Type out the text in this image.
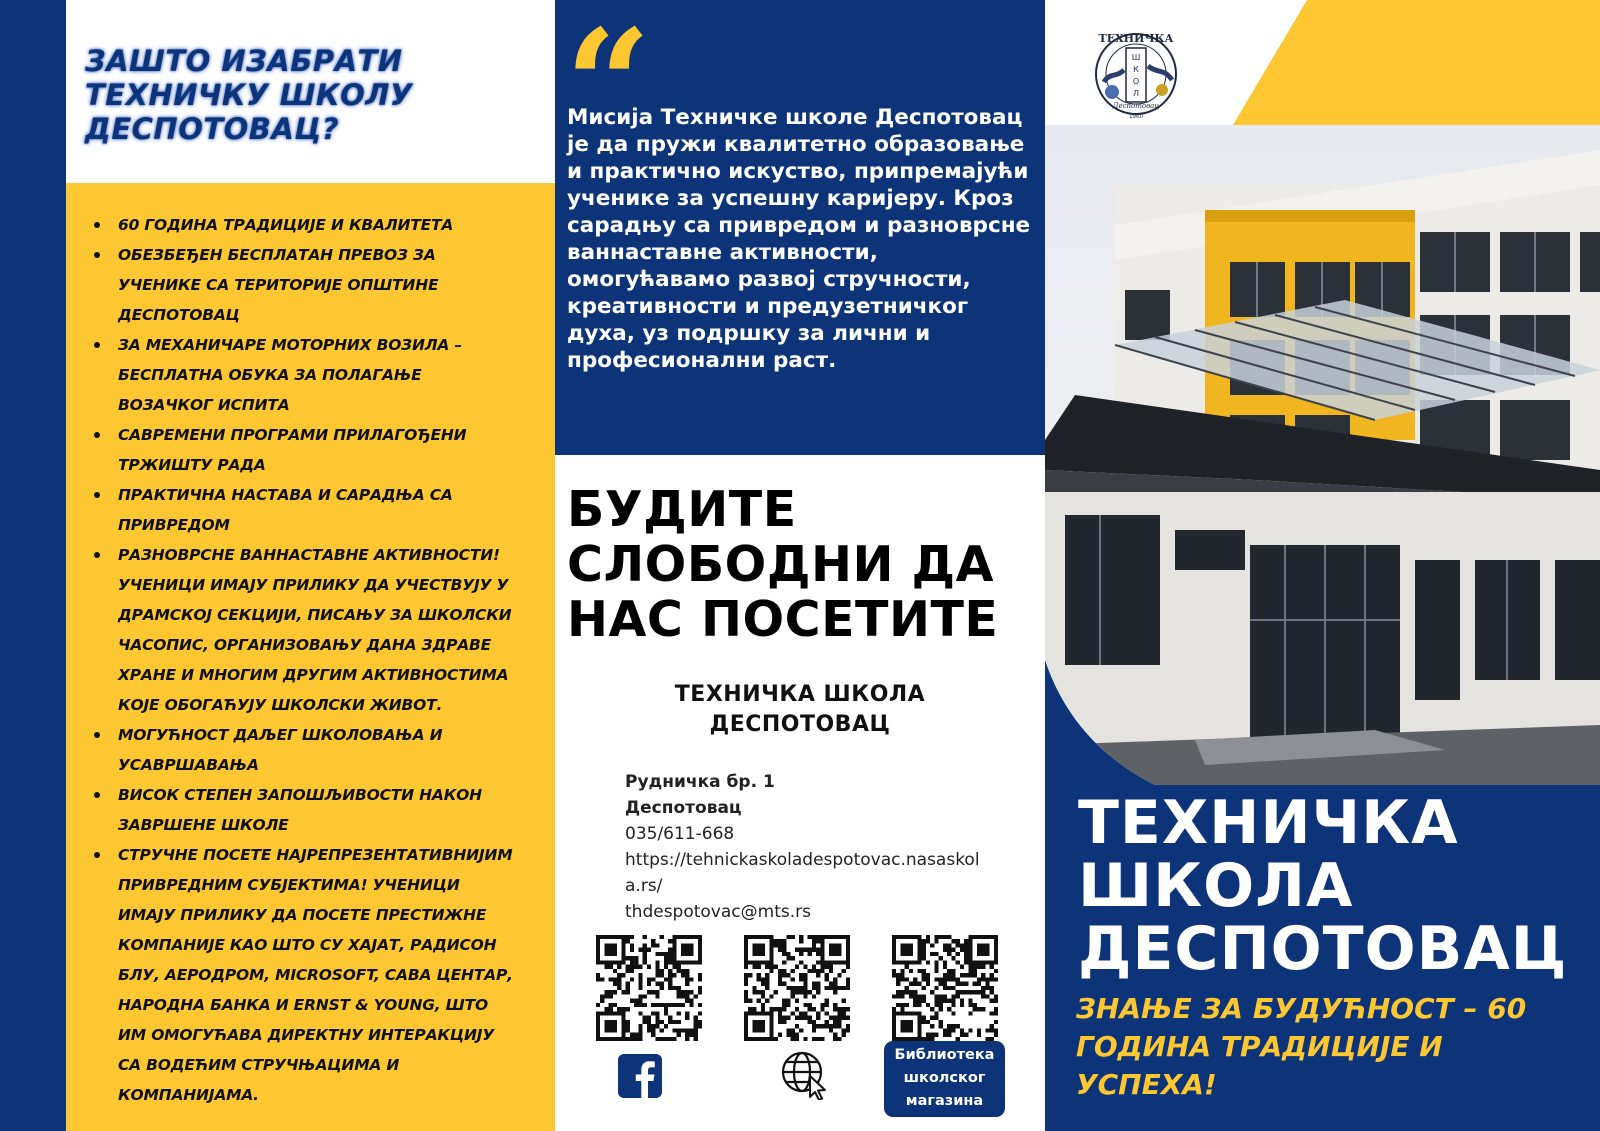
ЗАШТО ИЗАБРАТИ ТЕХНИЧКУ ШКОЛУ ДЕСПОТОВАЦ?
60 ГОДИНА ТРАДИЦИЈЕ И КВАЛИТЕТА
ОБЕЗБЕЂЕН БЕСПЛАТАН ПРЕВОЗ ЗА УЧЕНИКЕ СА ТЕРИТОРИЈЕ ОПШТИНЕ ДЕСПОТОВАЦ
ЗА МЕХАНИЧАРЕ МОТОРНИХ ВОЗИЛА – БЕСПЛАТНА ОБУКА ЗА ПОЛАГАЊЕ ВОЗАЧКОГ ИСПИТА
САВРЕМЕНИ ПРОГРАМИ ПРИЛАГОЂЕНИ ТРЖИШТУ РАДА
ПРАКТИЧНА НАСТАВА И САРАДЊА СА ПРИВРЕДОМ
РАЗНОВРСНЕ ВАННАСТАВНЕ АКТИВНОСТИ! УЧЕНИЦИ ИМАЈУ ПРИЛИКУ ДА УЧЕСТВУЈУ У ДРАМСКОЈ СЕКЦИЈИ, ПИСАЊУ ЗА ШКОЛСКИ ЧАСОПИС, ОРГАНИЗОВАЊУ ДАНА ЗДРАВЕ ХРАНЕ И МНОГИМ ДРУГИМ АКТИВНОСТИМА КОЈЕ ОБОГАЋУЈУ ШКОЛСКИ ЖИВОТ.
МОГУЋНОСТ ДАЉЕГ ШКОЛОВАЊА И УСАВРШАВАЊА
ВИСОК СТЕПЕН ЗАПОШЉИВОСТИ НАКОН ЗАВРШЕНЕ ШКОЛЕ
СТРУЧНЕ ПОСЕТЕ НАЈРЕПРЕЗЕНТАТИВНИЈИМ ПРИВРЕДНИМ СУБЈЕКТИМА! УЧЕНИЦИ ИМАЈУ ПРИЛИКУ ДА ПОСЕТЕ ПРЕСТИЖНЕ КОМПАНИЈЕ КАО ШТО СУ ХАЈАТ, РАДИСОН БЛУ, АЕРОДРОМ, MICROSOFT, САВА ЦЕНТАР, НАРОДНА БАНКА И ERNST & YOUNG, ШТО ИМ ОМОГУЋАВА ДИРЕКТНУ ИНТЕРАКЦИЈУ СА ВОДЕЋИМ СТРУЧЊАЦИМА И КОМПАНИЈАМА.
“

Мисија Техничке школе Деспотовац је да пружи квалитетно образовање и практично искуство, припремајући ученике за успешну каријеру. Кроз сарадњу са привредом и разноврсне ваннаставне активности, омогућавамо развој стручности, креативности и предузетничког духа, уз подршку за лични и професионални раст.

БУДИТЕ СЛОБОДНИ ДА НАС ПОСЕТИТЕ
ТЕХНИЧКА ШКОЛА ДЕСПОТОВАЦ
Рудничка бр. 1
Деспотовац
035/611-668
https://tehnickaskoladespotovac.nasaskola.rs/
thdespotovac@mts.rs
Библиотека школског магазина
ТЕХНИЧКА
Ш
К
О
Л
Деспотовац
1960
ТЕХНИЧКА ШКОЛА ДЕСПОТОВАЦ

ЗНАЊЕ ЗА БУДУЋНОСТ – 60 ГОДИНА ТРАДИЦИЈЕ И УСПЕХА!
